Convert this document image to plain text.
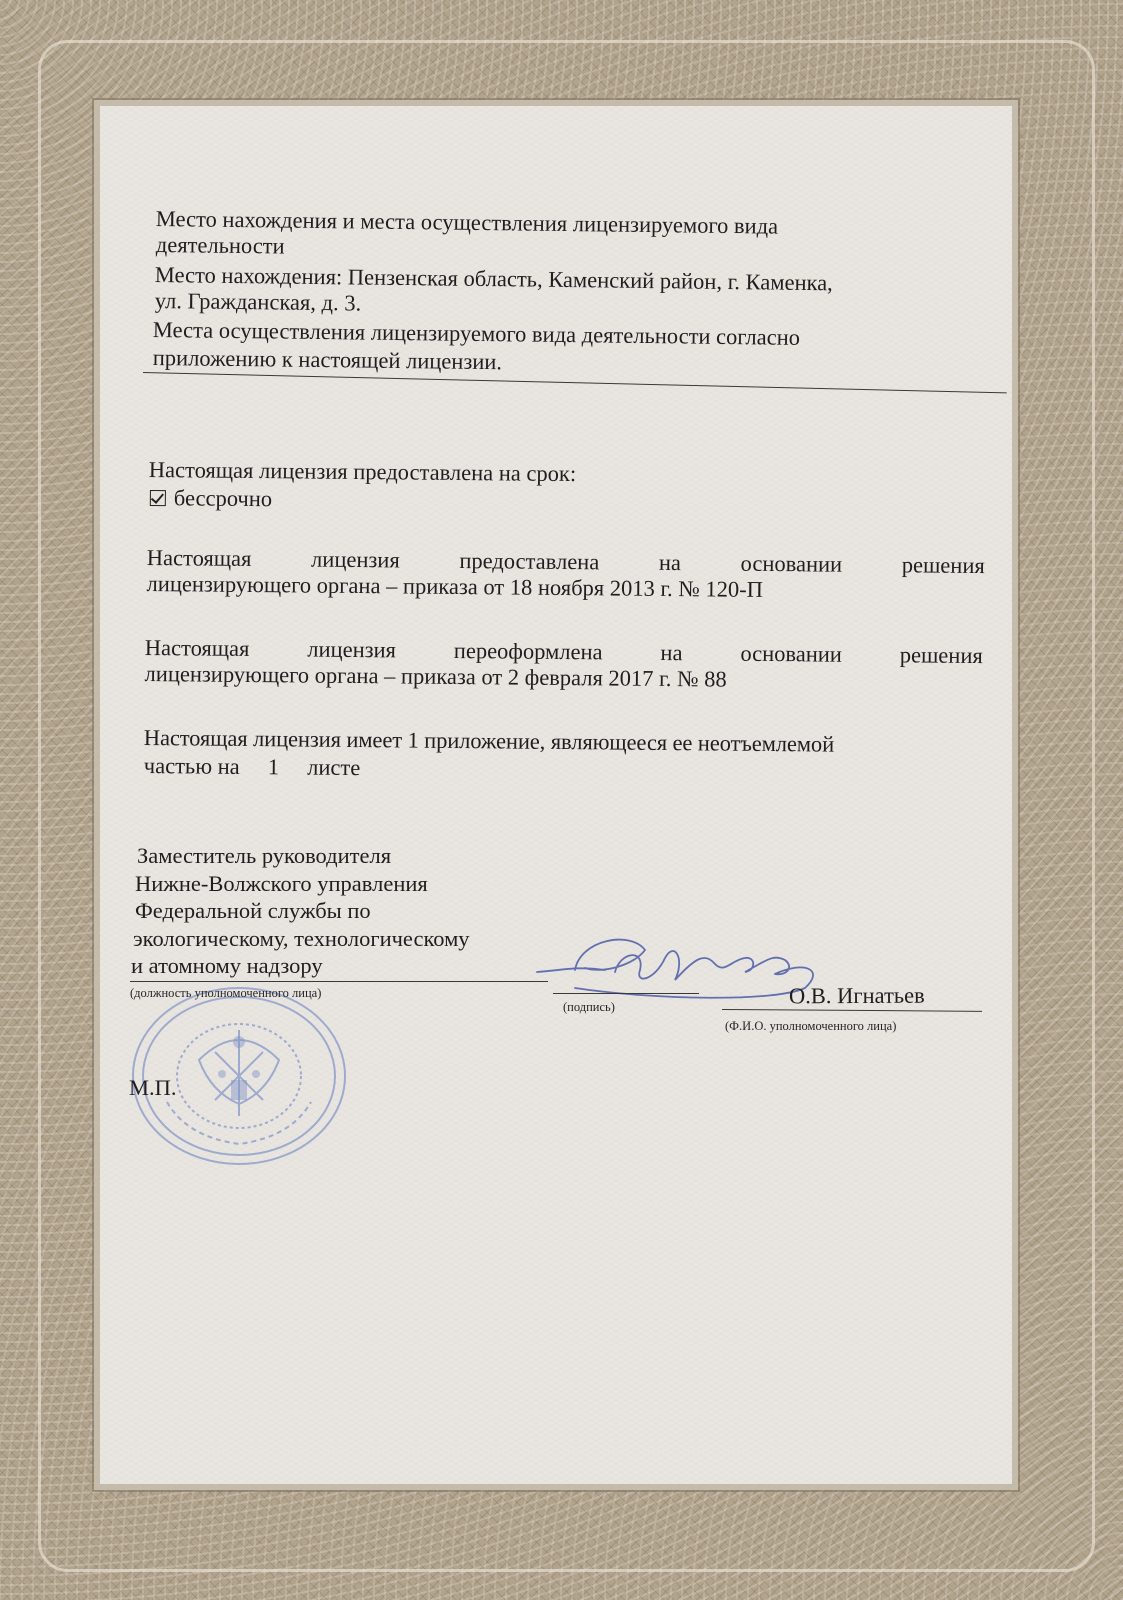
Место нахождения и места осуществления лицензируемого вида
деятельности
Место нахождения: Пензенская область, Каменский район, г. Каменка,
ул. Гражданская, д. 3.
Места осуществления лицензируемого вида деятельности согласно
приложению к настоящей лицензии.
Настоящая лицензия предоставлена на срок:
бессрочно
Настоящая	лицензия	предоставлена	на	основании	решения
лицензирующего органа – приказа от 18 ноября 2013 г. № 120-П
Настоящая	лицензия	переоформлена	на	основании	решения
лицензирующего органа – приказа от 2 февраля 2017 г. № 88
Настоящая лицензия имеет 1 приложение, являющееся ее неотъемлемой
частью на     1     листе
Заместитель руководителя
Нижне-Волжского управления
Федеральной службы по
экологическому, технологическому
и атомному надзору
(должность уполномоченного лица)
(подпись)	О.В. Игнатьев
(Ф.И.О. уполномоченного лица)
М.П.
